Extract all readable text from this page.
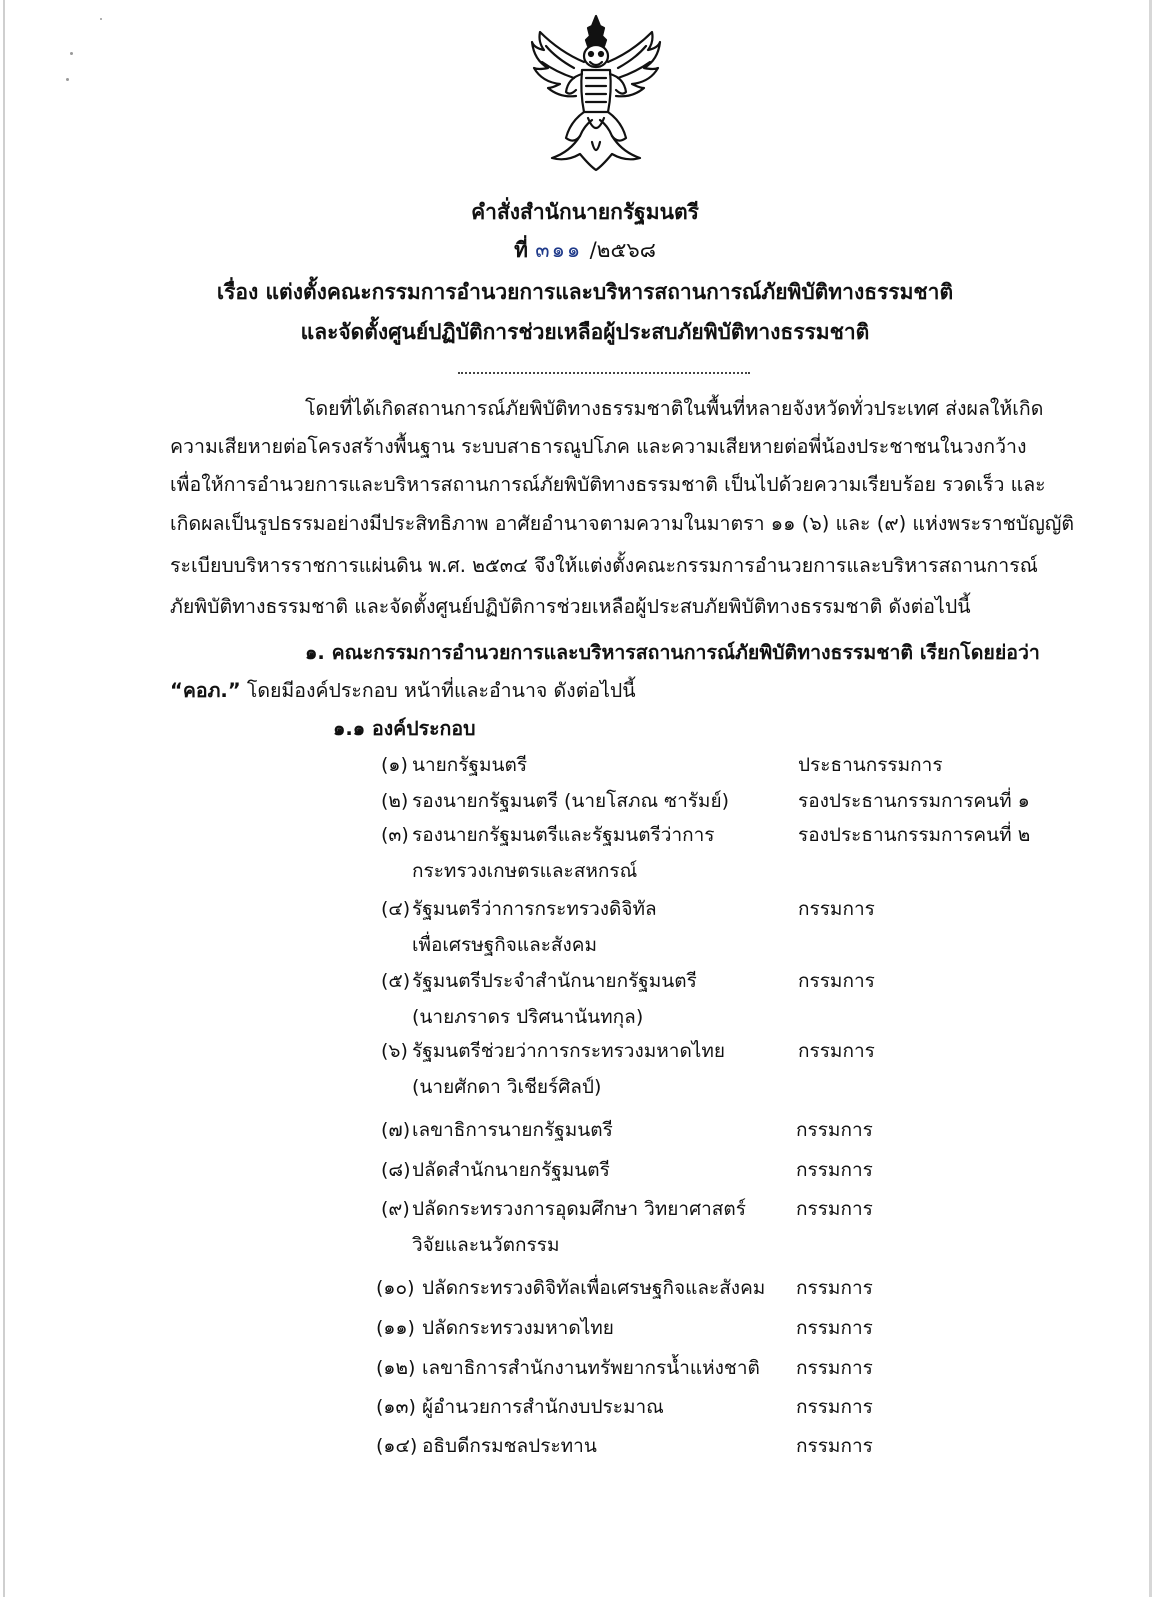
คำสั่งสำนักนายกรัฐมนตรี
ที่ ๓๑๑ /๒๕๖๘
เรื่อง แต่งตั้งคณะกรรมการอำนวยการและบริหารสถานการณ์ภัยพิบัติทางธรรมชาติ
และจัดตั้งศูนย์ปฏิบัติการช่วยเหลือผู้ประสบภัยพิบัติทางธรรมชาติ
โดยที่ได้เกิดสถานการณ์ภัยพิบัติทางธรรมชาติในพื้นที่หลายจังหวัดทั่วประเทศ ส่งผลให้เกิด
ความเสียหายต่อโครงสร้างพื้นฐาน ระบบสาธารณูปโภค และความเสียหายต่อพี่น้องประชาชนในวงกว้าง
เพื่อให้การอำนวยการและบริหารสถานการณ์ภัยพิบัติทางธรรมชาติ เป็นไปด้วยความเรียบร้อย รวดเร็ว และ
เกิดผลเป็นรูปธรรมอย่างมีประสิทธิภาพ อาศัยอำนาจตามความในมาตรา ๑๑ (๖) และ (๙) แห่งพระราชบัญญัติ
ระเบียบบริหารราชการแผ่นดิน พ.ศ. ๒๕๓๔ จึงให้แต่งตั้งคณะกรรมการอำนวยการและบริหารสถานการณ์
ภัยพิบัติทางธรรมชาติ และจัดตั้งศูนย์ปฏิบัติการช่วยเหลือผู้ประสบภัยพิบัติทางธรรมชาติ ดังต่อไปนี้
๑. คณะกรรมการอำนวยการและบริหารสถานการณ์ภัยพิบัติทางธรรมชาติ เรียกโดยย่อว่า
“คอภ.” โดยมีองค์ประกอบ หน้าที่และอำนาจ ดังต่อไปนี้
๑.๑ องค์ประกอบ
(๑) นายกรัฐมนตรี	ประธานกรรมการ
(๒) รองนายกรัฐมนตรี (นายโสภณ ซารัมย์)	รองประธานกรรมการคนที่ ๑
(๓) รองนายกรัฐมนตรีและรัฐมนตรีว่าการ
กระทรวงเกษตรและสหกรณ์
รองประธานกรรมการคนที่ ๒
(๔) รัฐมนตรีว่าการกระทรวงดิจิทัล
เพื่อเศรษฐกิจและสังคม
กรรมการ
(๕) รัฐมนตรีประจำสำนักนายกรัฐมนตรี
(นายภราดร ปริศนานันทกุล)
กรรมการ
(๖) รัฐมนตรีช่วยว่าการกระทรวงมหาดไทย
(นายศักดา วิเชียร์ศิลป์)
กรรมการ
(๗) เลขาธิการนายกรัฐมนตรี	กรรมการ
(๘) ปลัดสำนักนายกรัฐมนตรี	กรรมการ
(๙) ปลัดกระทรวงการอุดมศึกษา วิทยาศาสตร์
วิจัยและนวัตกรรม
กรรมการ
(๑๐) ปลัดกระทรวงดิจิทัลเพื่อเศรษฐกิจและสังคม กรรมการ
(๑๑) ปลัดกระทรวงมหาดไทย	กรรมการ
(๑๒) เลขาธิการสำนักงานทรัพยากรน้ำแห่งชาติ กรรมการ
(๑๓) ผู้อำนวยการสำนักงบประมาณ	กรรมการ
(๑๔) อธิบดีกรมชลประทาน	กรรมการ
